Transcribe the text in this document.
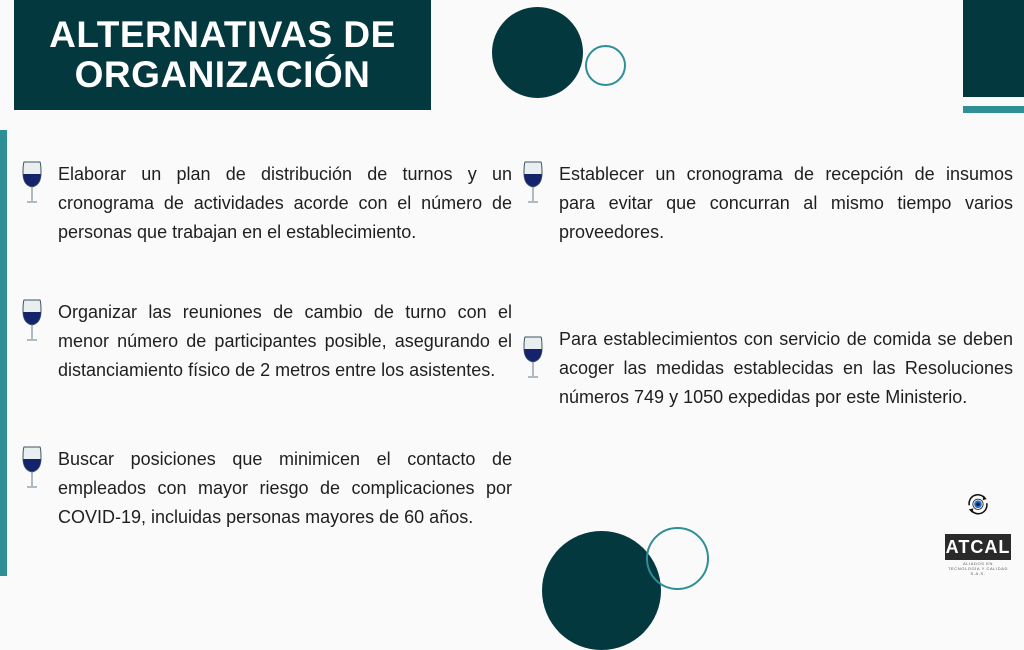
ALTERNATIVAS DE
ORGANIZACIÓN

Elaborar un plan de distribución de turnos y un cronograma de actividades acorde con el número de personas que trabajan en el establecimiento.

Organizar las reuniones de cambio de turno con el menor número de participantes posible, asegurando el distanciamiento físico de 2 metros entre los asistentes.

Buscar posiciones que minimicen el contacto de empleados con mayor riesgo de complicaciones por COVID-19, incluidas personas mayores de 60 años.

Establecer un cronograma de recepción de insumos para evitar que concurran al mismo tiempo varios proveedores.

Para establecimientos con servicio de comida se deben acoger las medidas establecidas en las Resoluciones números 749 y 1050 expedidas por este Ministerio.

ATCAL
ALIADOS EN
TECNOLOGÍA Y CALIDAD S.A.S.
